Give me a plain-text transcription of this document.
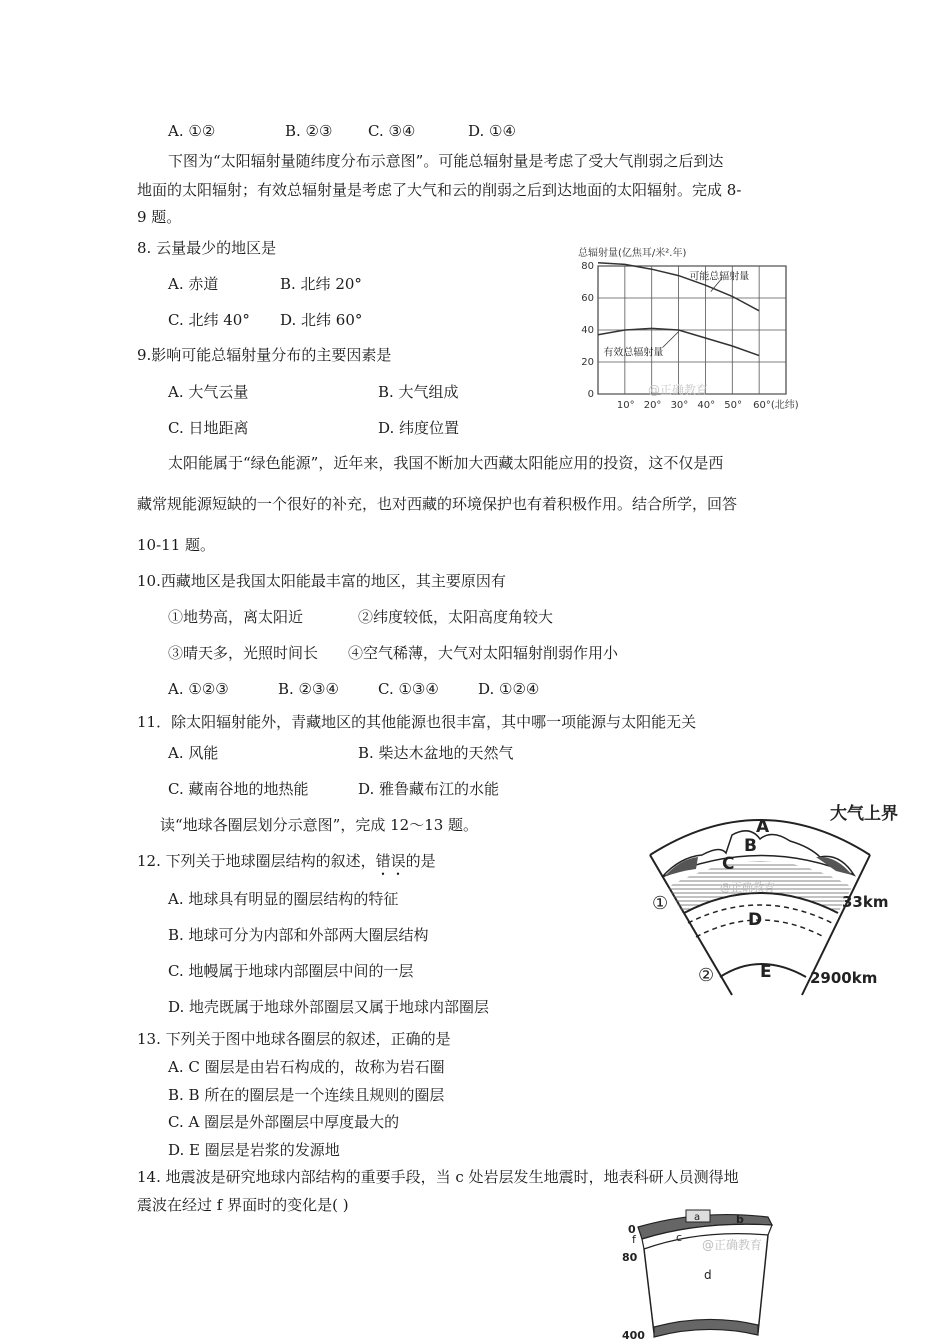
A. ①②	B. ②③ C. ③④	D. ①④
下图为“太阳辐射量随纬度分布示意图”。可能总辐射量是考虑了受大气削弱之后到达
地面的太阳辐射；有效总辐射量是考虑了大气和云的削弱之后到达地面的太阳辐射。完成 8-
9 题。
8. 云量最少的地区是
A. 赤道	B. 北纬 20°
C. 北纬 40° D. 北纬 60°
9.影响可能总辐射量分布的主要因素是
A. 大气云量	B. 大气组成
C. 日地距离	D. 纬度位置
总辐射量(亿焦耳/米².年)
可能总辐射量
有效总辐射量
0
20
40
60
80
10° 20° 30° 40° 50° 60°(北纬)
@正确教育
太阳能属于“绿色能源”，近年来，我国不断加大西藏太阳能应用的投资，这不仅是西
藏常规能源短缺的一个很好的补充，也对西藏的环境保护也有着积极作用。结合所学，回答
10-11 题。
10.西藏地区是我国太阳能最丰富的地区，其主要原因有
①地势高，离太阳近	②纬度较低，太阳高度角较大
③晴天多，光照时间长 ④空气稀薄，大气对太阳辐射削弱作用小
A. ①②③	B. ②③④	C. ①③④	D. ①②④
11．除太阳辐射能外，青藏地区的其他能源也很丰富，其中哪一项能源与太阳能无关
A. 风能	B. 柴达木盆地的天然气
C. 藏南谷地的地热能	D. 雅鲁藏布江的水能
读“地球各圈层划分示意图”，完成 12～13 题。
12. 下列关于地球圈层结构的叙述，错误的是
A. 地球具有明显的圈层结构的特征
B. 地球可分为内部和外部两大圈层结构
C. 地幔属于地球内部圈层中间的一层
D. 地壳既属于地球外部圈层又属于地球内部圈层
13. 下列关于图中地球各圈层的叙述，正确的是
A. C 圈层是由岩石构成的，故称为岩石圈
B. B 所在的圈层是一个连续且规则的圈层
C. A 圈层是外部圈层中厚度最大的
D. E 圈层是岩浆的发源地
14. 地震波是研究地球内部结构的重要手段，当 c 处岩层发生地震时，地表科研人员测得地
震波在经过 f 界面时的变化是( )
大气上界
A
B
C
D
E
①
②
33km
2900km
@正确教育
a	b
c
d
e
f
0
80
400
@正确教育
